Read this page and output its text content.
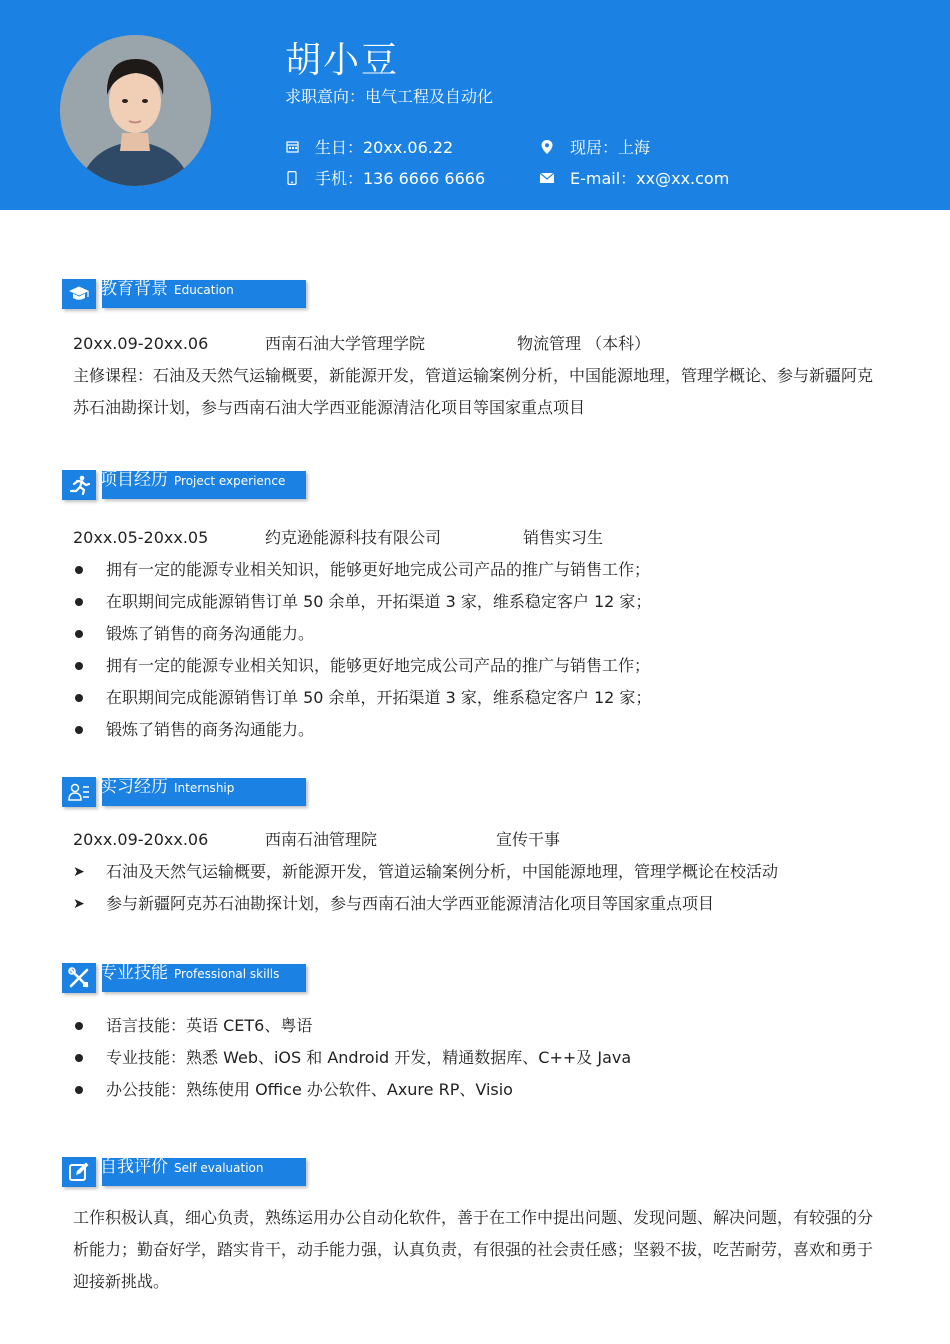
胡小豆
求职意向：电气工程及自动化
生日：20xx.06.22	现居：上海
手机：136 6666 6666	E-mail：xx@xx.com
教育背景 Education
20xx.09-20xx.06	西南石油大学管理学院	物流管理 （本科）
主修课程：石油及天然气运输概要，新能源开发，管道运输案例分析，中国能源地理，管理学概论、参与新疆阿克苏石油勘探计划，参与西南石油大学西亚能源清洁化项目等国家重点项目
项目经历 Project experience
20xx.05-20xx.05	约克逊能源科技有限公司	销售实习生
拥有一定的能源专业相关知识，能够更好地完成公司产品的推广与销售工作；
在职期间完成能源销售订单 50 余单，开拓渠道 3 家，维系稳定客户 12 家；
锻炼了销售的商务沟通能力。
拥有一定的能源专业相关知识，能够更好地完成公司产品的推广与销售工作；
在职期间完成能源销售订单 50 余单，开拓渠道 3 家，维系稳定客户 12 家；
锻炼了销售的商务沟通能力。
实习经历 Internship
20xx.09-20xx.06	西南石油管理院	宣传干事
➤	石油及天然气运输概要，新能源开发，管道运输案例分析，中国能源地理，管理学概论在校活动
➤	参与新疆阿克苏石油勘探计划，参与西南石油大学西亚能源清洁化项目等国家重点项目
专业技能 Professional skills
语言技能：英语 CET6、粤语
专业技能：熟悉 Web、iOS 和 Android 开发，精通数据库、C++及 Java
办公技能：熟练使用 Office 办公软件、Axure RP、Visio
自我评价 Self evaluation
工作积极认真，细心负责，熟练运用办公自动化软件，善于在工作中提出问题、发现问题、解决问题，有较强的分析能力；勤奋好学，踏实肯干，动手能力强，认真负责，有很强的社会责任感；坚毅不拔，吃苦耐劳，喜欢和勇于迎接新挑战。
